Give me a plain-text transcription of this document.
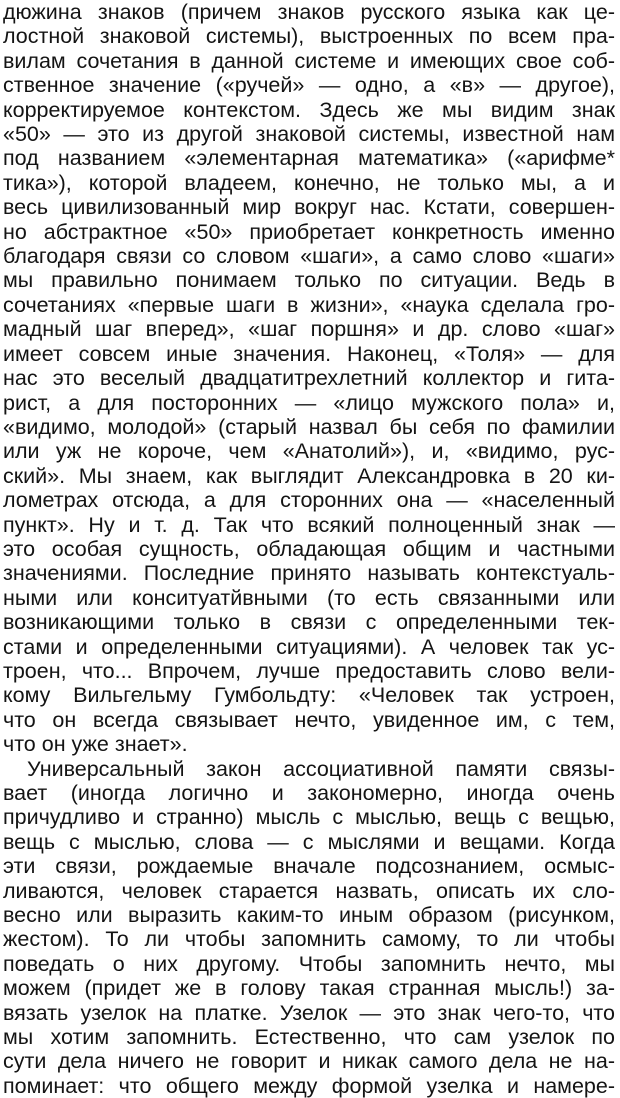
дюжина знаков (причем знаков русского языка как це-
лостной знаковой системы), выстроенных по всем пра-
вилам сочетания в данной системе и имеющих свое соб-
ственное значение («ручей» — одно, а «в» — другое),
корректируемое контекстом. Здесь же мы видим знак
«50» — это из другой знаковой системы, известной нам
под названием «элементарная математика» («арифме*
тика»), которой владеем, конечно, не только мы, а и
весь цивилизованный мир вокруг нас. Кстати, совершен-
но абстрактное «50» приобретает конкретность именно
благодаря связи со словом «шаги», а само слово «шаги»
мы правильно понимаем только по ситуации. Ведь в
сочетаниях «первые шаги в жизни», «наука сделала гро-
мадный шаг вперед», «шаг поршня» и др. слово «шаг»
имеет совсем иные значения. Наконец, «Толя» — для
нас это веселый двадцатитрехлетний коллектор и гита-
рист, а для посторонних — «лицо мужского пола» и,
«видимо, молодой» (старый назвал бы себя по фамилии
или уж не короче, чем «Анатолий»), и, «видимо, рус-
ский». Мы знаем, как выглядит Александровка в 20 ки-
лометрах отсюда, а для сторонних она — «населенный
пункт». Ну и т. д. Так что всякий полноценный знак —
это особая сущность, обладающая общим и частными
значениями. Последние принято называть контекстуаль-
ными или конситуатйвными (то есть связанными или
возникающими только в связи с определенными тек-
стами и определенными ситуациями). А человек так ус-
троен, что... Впрочем, лучше предоставить слово вели-
кому Вильгельму Гумбольдту: «Человек так устроен,
что он всегда связывает нечто, увиденное им, с тем,
что он уже знает».
Универсальный закон ассоциативной памяти связы-
вает (иногда логично и закономерно, иногда очень
причудливо и странно) мысль с мыслью, вещь с вещью,
вещь с мыслью, слова — с мыслями и вещами. Когда
эти связи, рождаемые вначале подсознанием, осмыс-
ливаются, человек старается назвать, описать их сло-
весно или выразить каким-то иным образом (рисунком,
жестом). То ли чтобы запомнить самому, то ли чтобы
поведать о них другому. Чтобы запомнить нечто, мы
можем (придет же в голову такая странная мысль!) за-
вязать узелок на платке. Узелок — это знак чего-то, что
мы хотим запомнить. Естественно, что сам узелок по
сути дела ничего не говорит и никак самого дела не на-
поминает: что общего между формой узелка и намере-
